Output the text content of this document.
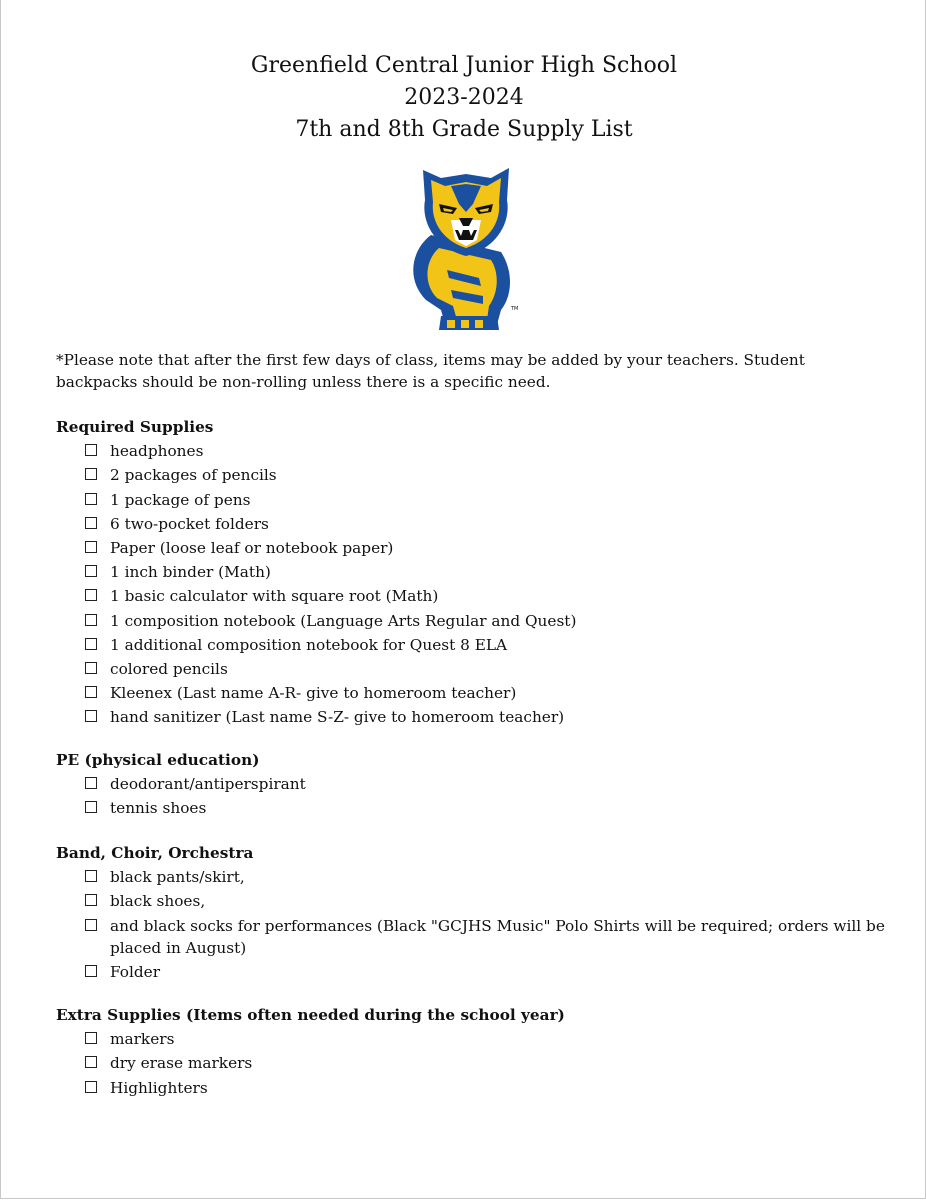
Greenfield Central Junior High School
2023-2024
7th and 8th Grade Supply List
TM
*Please note that after the first few days of class, items may be added by your teachers. Student backpacks should be non-rolling unless there is a specific need.
Required Supplies
headphones
2 packages of pencils
1 package of pens
6 two-pocket folders
Paper (loose leaf or notebook paper)
1 inch binder (Math)
1 basic calculator with square root (Math)
1 composition notebook (Language Arts Regular and Quest)
1 additional composition notebook for Quest 8 ELA
colored pencils
Kleenex (Last name A-R- give to homeroom teacher)
hand sanitizer (Last name S-Z- give to homeroom teacher)
PE (physical education)
deodorant/antiperspirant
tennis shoes
Band, Choir, Orchestra
black pants/skirt,
black shoes,
and black socks for performances (Black "GCJHS Music" Polo Shirts will be required; orders will be placed in August)
Folder
Extra Supplies (Items often needed during the school year)
markers
dry erase markers
Highlighters
